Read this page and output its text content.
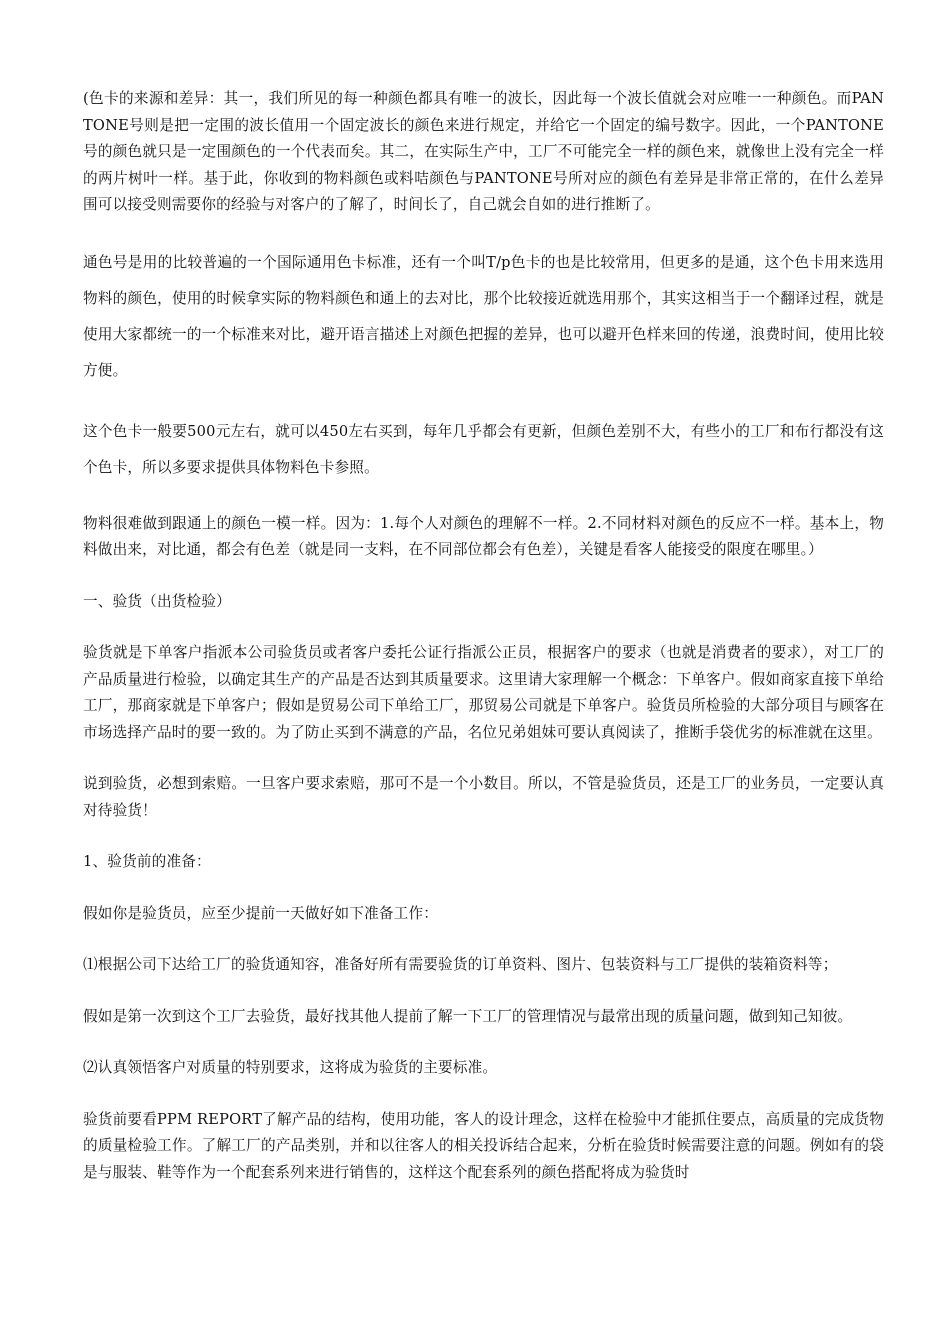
(色卡的来源和差异：其一，我们所见的每一种颜色都具有唯一的波长，因此每一个波长值就会对应唯一一种颜色。而PANTONE号则是把一定围的波长值用一个固定波长的颜色来进行规定，并给它一个固定的编号数字。因此，一个PANTONE号的颜色就只是一定围颜色的一个代表而矣。其二，在实际生产中，工厂不可能完全一样的颜色来，就像世上没有完全一样的两片树叶一样。基于此，你收到的物料颜色或料咭颜色与PANTONE号所对应的颜色有差异是非常正常的，在什么差异围可以接受则需要你的经验与对客户的了解了，时间长了，自己就会自如的进行推断了。

通色号是用的比较普遍的一个国际通用色卡标准，还有一个叫T/p色卡的也是比较常用，但更多的是通，这个色卡用来选用物料的颜色，使用的时候拿实际的物料颜色和通上的去对比，那个比较接近就选用那个，其实这相当于一个翻译过程，就是使用大家都统一的一个标准来对比，避开语言描述上对颜色把握的差异，也可以避开色样来回的传递，浪费时间，使用比较方便。

这个色卡一般要500元左右，就可以450左右买到，每年几乎都会有更新，但颜色差别不大，有些小的工厂和布行都没有这个色卡，所以多要求提供具体物料色卡参照。

物料很难做到跟通上的颜色一模一样。因为：1.每个人对颜色的理解不一样。2.不同材料对颜色的反应不一样。基本上，物料做出来，对比通，都会有色差（就是同一支料，在不同部位都会有色差），关键是看客人能接受的限度在哪里。）

一、验货（出货检验）

验货就是下单客户指派本公司验货员或者客户委托公证行指派公正员，根据客户的要求（也就是消费者的要求），对工厂的产品质量进行检验，以确定其生产的产品是否达到其质量要求。这里请大家理解一个概念：下单客户。假如商家直接下单给工厂，那商家就是下单客户；假如是贸易公司下单给工厂，那贸易公司就是下单客户。验货员所检验的大部分项目与顾客在市场选择产品时的要一致的。为了防止买到不满意的产品，名位兄弟姐妹可要认真阅读了，推断手袋优劣的标准就在这里。

说到验货，必想到索赔。一旦客户要求索赔，那可不是一个小数目。所以，不管是验货员，还是工厂的业务员，一定要认真对待验货！

1、验货前的准备：

假如你是验货员，应至少提前一天做好如下准备工作：

⑴根据公司下达给工厂的验货通知容，准备好所有需要验货的订单资料、图片、包装资料与工厂提供的装箱资料等；

假如是第一次到这个工厂去验货，最好找其他人提前了解一下工厂的管理情况与最常出现的质量问题，做到知己知彼。

⑵认真领悟客户对质量的特别要求，这将成为验货的主要标准。

验货前要看PPM REPORT了解产品的结构，使用功能，客人的设计理念，这样在检验中才能抓住要点，高质量的完成货物的质量检验工作。了解工厂的产品类别，并和以往客人的相关投诉结合起来，分析在验货时候需要注意的问题。例如有的袋是与服装、鞋等作为一个配套系列来进行销售的，这样这个配套系列的颜色搭配将成为验货时
